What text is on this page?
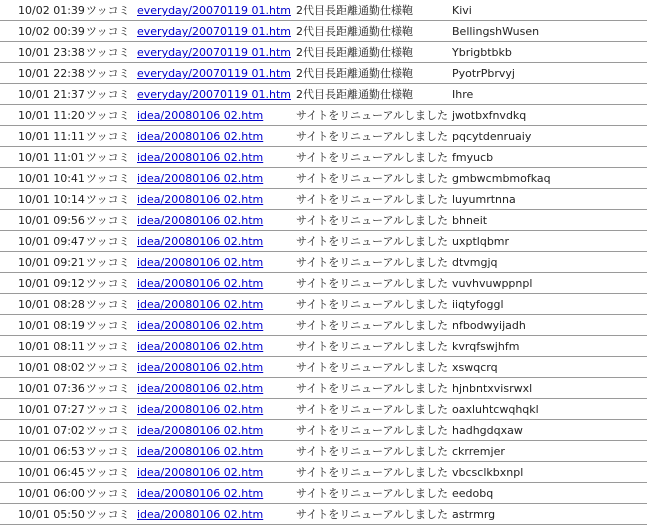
10/02 01:39 ツッコミ everyday/20070119 01.htm 2代目長距離通勤仕様鞄	Kivi
10/02 00:39 ツッコミ everyday/20070119 01.htm 2代目長距離通勤仕様鞄	BellingshWusen
10/01 23:38 ツッコミ everyday/20070119 01.htm 2代目長距離通勤仕様鞄	Ybrigbtbkb
10/01 22:38 ツッコミ everyday/20070119 01.htm 2代目長距離通勤仕様鞄	PyotrPbrvyj
10/01 21:37 ツッコミ everyday/20070119 01.htm 2代目長距離通勤仕様鞄	Ihre
10/01 11:20 ツッコミ idea/20080106 02.htm	サイトをリニューアルしました jwotbxfnvdkq
10/01 11:11 ツッコミ idea/20080106 02.htm	サイトをリニューアルしました pqcytdenruaiy
10/01 11:01 ツッコミ idea/20080106 02.htm	サイトをリニューアルしました fmyucb
10/01 10:41 ツッコミ idea/20080106 02.htm	サイトをリニューアルしました gmbwcmbmofkaq
10/01 10:14 ツッコミ idea/20080106 02.htm	サイトをリニューアルしました luyumrtnna
10/01 09:56 ツッコミ idea/20080106 02.htm	サイトをリニューアルしました bhneit
10/01 09:47 ツッコミ idea/20080106 02.htm	サイトをリニューアルしました uxptlqbmr
10/01 09:21 ツッコミ idea/20080106 02.htm	サイトをリニューアルしました dtvmgjq
10/01 09:12 ツッコミ idea/20080106 02.htm	サイトをリニューアルしました vuvhvuwppnpl
10/01 08:28 ツッコミ idea/20080106 02.htm	サイトをリニューアルしました iiqtyfoggl
10/01 08:19 ツッコミ idea/20080106 02.htm	サイトをリニューアルしました nfbodwyijadh
10/01 08:11 ツッコミ idea/20080106 02.htm	サイトをリニューアルしました kvrqfswjhfm
10/01 08:02 ツッコミ idea/20080106 02.htm	サイトをリニューアルしました xswqcrq
10/01 07:36 ツッコミ idea/20080106 02.htm	サイトをリニューアルしました hjnbntxvisrwxl
10/01 07:27 ツッコミ idea/20080106 02.htm	サイトをリニューアルしました oaxluhtcwqhqkl
10/01 07:02 ツッコミ idea/20080106 02.htm	サイトをリニューアルしました hadhgdqxaw
10/01 06:53 ツッコミ idea/20080106 02.htm	サイトをリニューアルしました ckrremjer
10/01 06:45 ツッコミ idea/20080106 02.htm	サイトをリニューアルしました vbcsclkbxnpl
10/01 06:00 ツッコミ idea/20080106 02.htm	サイトをリニューアルしました eedobq
10/01 05:50 ツッコミ idea/20080106 02.htm	サイトをリニューアルしました astrmrg
